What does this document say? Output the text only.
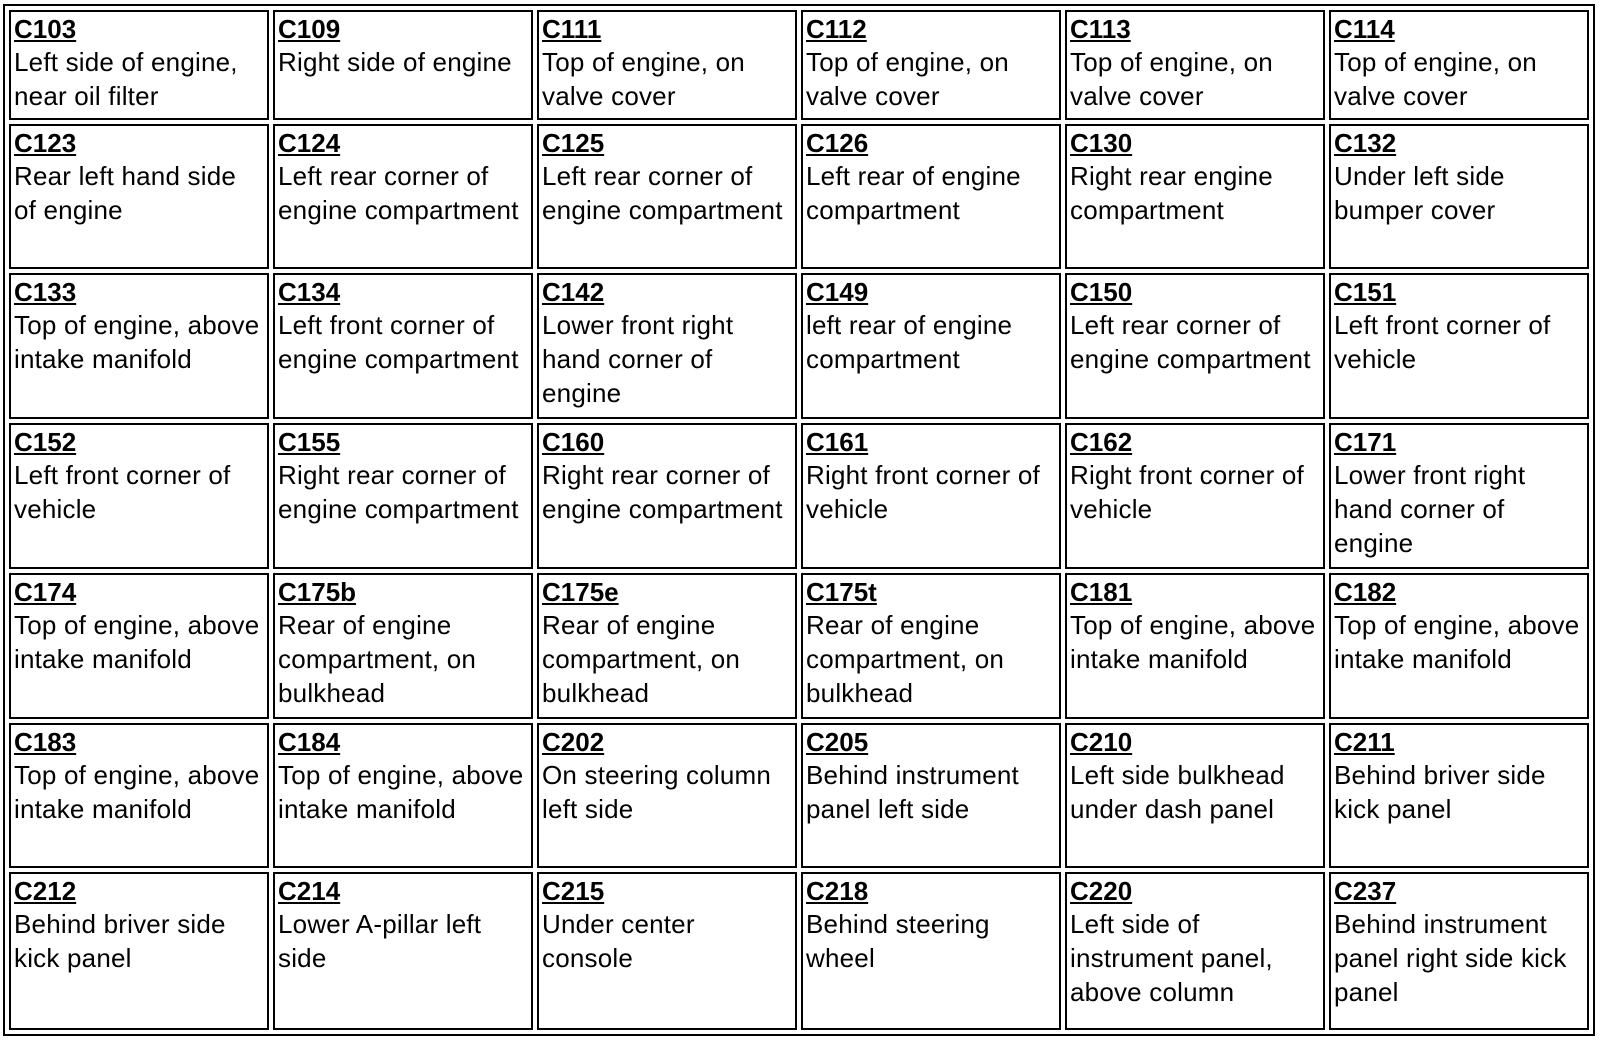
C103
Left side of engine, near oil filter	C109
Right side of engine	C111
Top of engine, on valve cover	C112
Top of engine, on valve cover	C113
Top of engine, on valve cover	C114
Top of engine, on valve cover

C123
Rear left hand side of engine	C124
Left rear corner of engine compartment	C125
Left rear corner of engine compartment	C126
Left rear of engine compartment	C130
Right rear engine compartment	C132
Under left side bumper cover

C133
Top of engine, above intake manifold	C134
Left front corner of engine compartment	C142
Lower front right hand corner of engine	C149
left rear of engine compartment	C150
Left rear corner of engine compartment	C151
Left front corner of vehicle

C152
Left front corner of vehicle	C155
Right rear corner of engine compartment	C160
Right rear corner of engine compartment	C161
Right front corner of vehicle	C162
Right front corner of vehicle	C171
Lower front right hand corner of engine

C174
Top of engine, above intake manifold	C175b
Rear of engine compartment, on bulkhead	C175e
Rear of engine compartment, on bulkhead	C175t
Rear of engine compartment, on bulkhead	C181
Top of engine, above intake manifold	C182
Top of engine, above intake manifold

C183
Top of engine, above intake manifold	C184
Top of engine, above intake manifold	C202
On steering column left side	C205
Behind instrument panel left side	C210
Left side bulkhead under dash panel	C211
Behind briver side kick panel

C212
Behind briver side kick panel	C214
Lower A-pillar left side	C215
Under center console	C218
Behind steering wheel	C220
Left side of instrument panel, above column	C237
Behind instrument panel right side kick panel
